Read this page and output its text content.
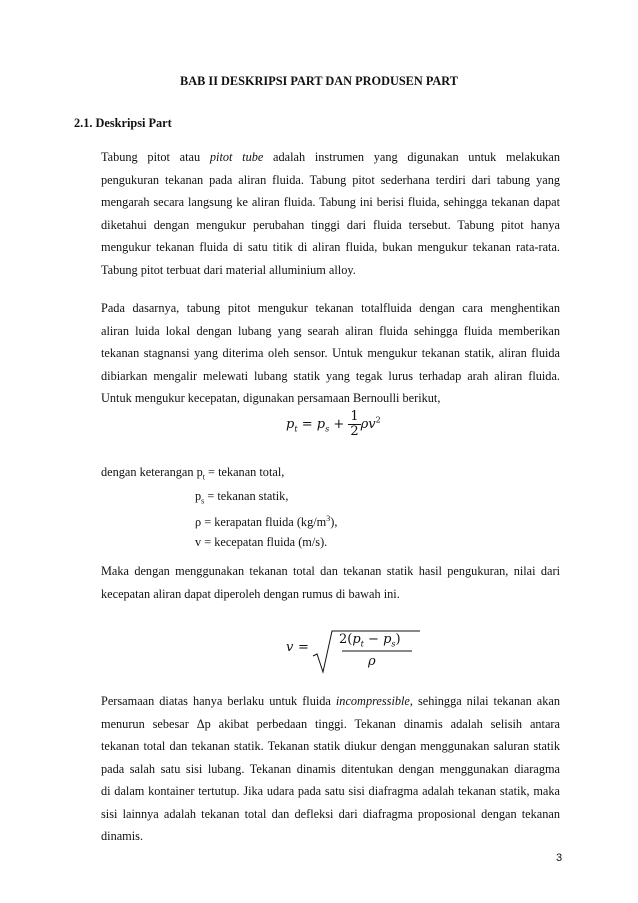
BAB II DESKRIPSI PART DAN PRODUSEN PART
2.1. Deskripsi Part
Tabung pitot atau pitot tube adalah instrumen yang digunakan untuk melakukan
pengukuran tekanan pada aliran fluida. Tabung pitot sederhana terdiri dari tabung yang
mengarah secara langsung ke aliran fluida. Tabung ini berisi fluida, sehingga tekanan dapat
diketahui dengan mengukur perubahan tinggi dari fluida tersebut. Tabung pitot hanya
mengukur tekanan fluida di satu titik di aliran fluida, bukan mengukur tekanan rata-rata.
Tabung pitot terbuat dari material alluminium alloy.
Pada dasarnya, tabung pitot mengukur tekanan totalfluida dengan cara menghentikan
aliran luida lokal dengan lubang yang searah aliran fluida sehingga fluida memberikan
tekanan stagnansi yang diterima oleh sensor. Untuk mengukur tekanan statik, aliran fluida
dibiarkan mengalir melewati lubang statik yang tegak lurus terhadap arah aliran fluida.
Untuk mengukur kecepatan, digunakan persamaan Bernoulli berikut,
$p_t = p_s + \frac{1}{2} \rho v^2$
dengan keterangan $p_t$ = tekanan total,
$p_s$ = tekanan statik,
ρ = kerapatan fluida $(kg/m^3)$,
v = kecepatan fluida (m/s).
Maka dengan menggunakan tekanan total dan tekanan statik hasil pengukuran, nilai dari
kecepatan aliran dapat diperoleh dengan rumus di bawah ini.
v =
$2(p_t - p_s)$
ρ
Persamaan diatas hanya berlaku untuk fluida incompressible, sehingga nilai tekanan akan
menurun sebesar Δp akibat perbedaan tinggi. Tekanan dinamis adalah selisih antara
tekanan total dan tekanan statik. Tekanan statik diukur dengan menggunakan saluran statik
pada salah satu sisi lubang. Tekanan dinamis ditentukan dengan menggunakan diaragma
di dalam kontainer tertutup. Jika udara pada satu sisi diafragma adalah tekanan statik, maka
sisi lainnya adalah tekanan total dan defleksi dari diafragma proposional dengan tekanan
dinamis.
3
